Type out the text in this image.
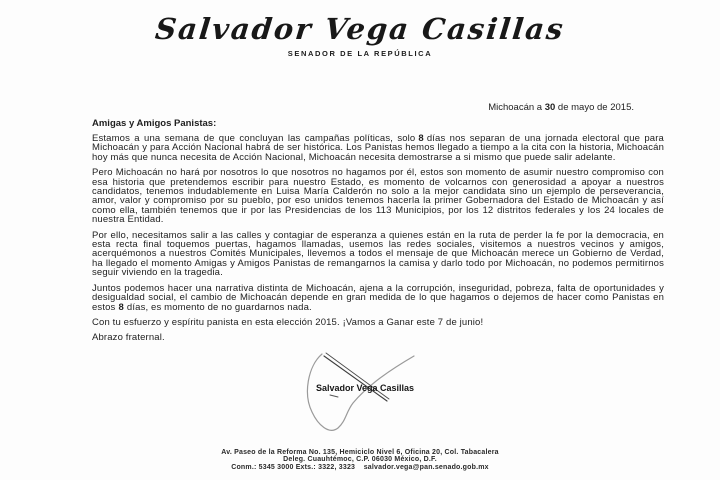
Salvador Vega Casillas
SENADOR DE LA REPÚBLICA
Michoacán a 30 de mayo de 2015.

Amigas y Amigos Panistas:

Estamos a una semana de que concluyan las campañas políticas, solo 8 días nos separan de una jornada electoral que para Michoacán y para Acción Nacional habrá de ser histórica. Los Panistas hemos llegado a tiempo a la cita con la historia, Michoacán hoy más que nunca necesita de Acción Nacional, Michoacán necesita demostrarse a si mismo que puede salir adelante.

Pero Michoacán no hará por nosotros lo que nosotros no hagamos por él, estos son momento de asumir nuestro compromiso con esa historia que pretendemos escribir para nuestro Estado, es momento de volcarnos con generosidad a apoyar a nuestros candidatos, tenemos indudablemente en Luisa María Calderón no solo a la mejor candidata sino un ejemplo de perseverancia, amor, valor y compromiso por su pueblo, por eso unidos tenemos hacerla la primer Gobernadora del Estado de Michoacán y así como ella, también tenemos que ir por las Presidencias de los 113 Municipios, por los 12 distritos federales y los 24 locales de nuestra Entidad.

Por ello, necesitamos salir a las calles y contagiar de esperanza a quienes están en la ruta de perder la fe por la democracia, en esta recta final toquemos puertas, hagamos llamadas, usemos las redes sociales, visitemos a nuestros vecinos y amigos, acerquémonos a nuestros Comités Municipales, llevemos a todos el mensaje de que Michoacán merece un Gobierno de Verdad, ha llegado el momento Amigas y Amigos Panistas de remangarnos la camisa y darlo todo por Michoacán, no podemos permitirnos seguir viviendo en la tragedia.

Juntos podemos hacer una narrativa distinta de Michoacán, ajena a la corrupción, inseguridad, pobreza, falta de oportunidades y desigualdad social, el cambio de Michoacán depende en gran medida de lo que hagamos o dejemos de hacer como Panistas en estos 8 días, es momento de no guardarnos nada.

Con tu esfuerzo y espíritu panista en esta elección 2015. ¡Vamos a Ganar este 7 de junio!

Abrazo fraternal.

Salvador Vega Casillas
Av. Paseo de la Reforma No. 135, Hemiciclo Nivel 6, Oficina 20, Col. Tabacalera
Deleg. Cuauhtémoc, C.P. 06030 México, D.F.
Conm.: 5345 3000 Exts.: 3322, 3323    salvador.vega@pan.senado.gob.mx
